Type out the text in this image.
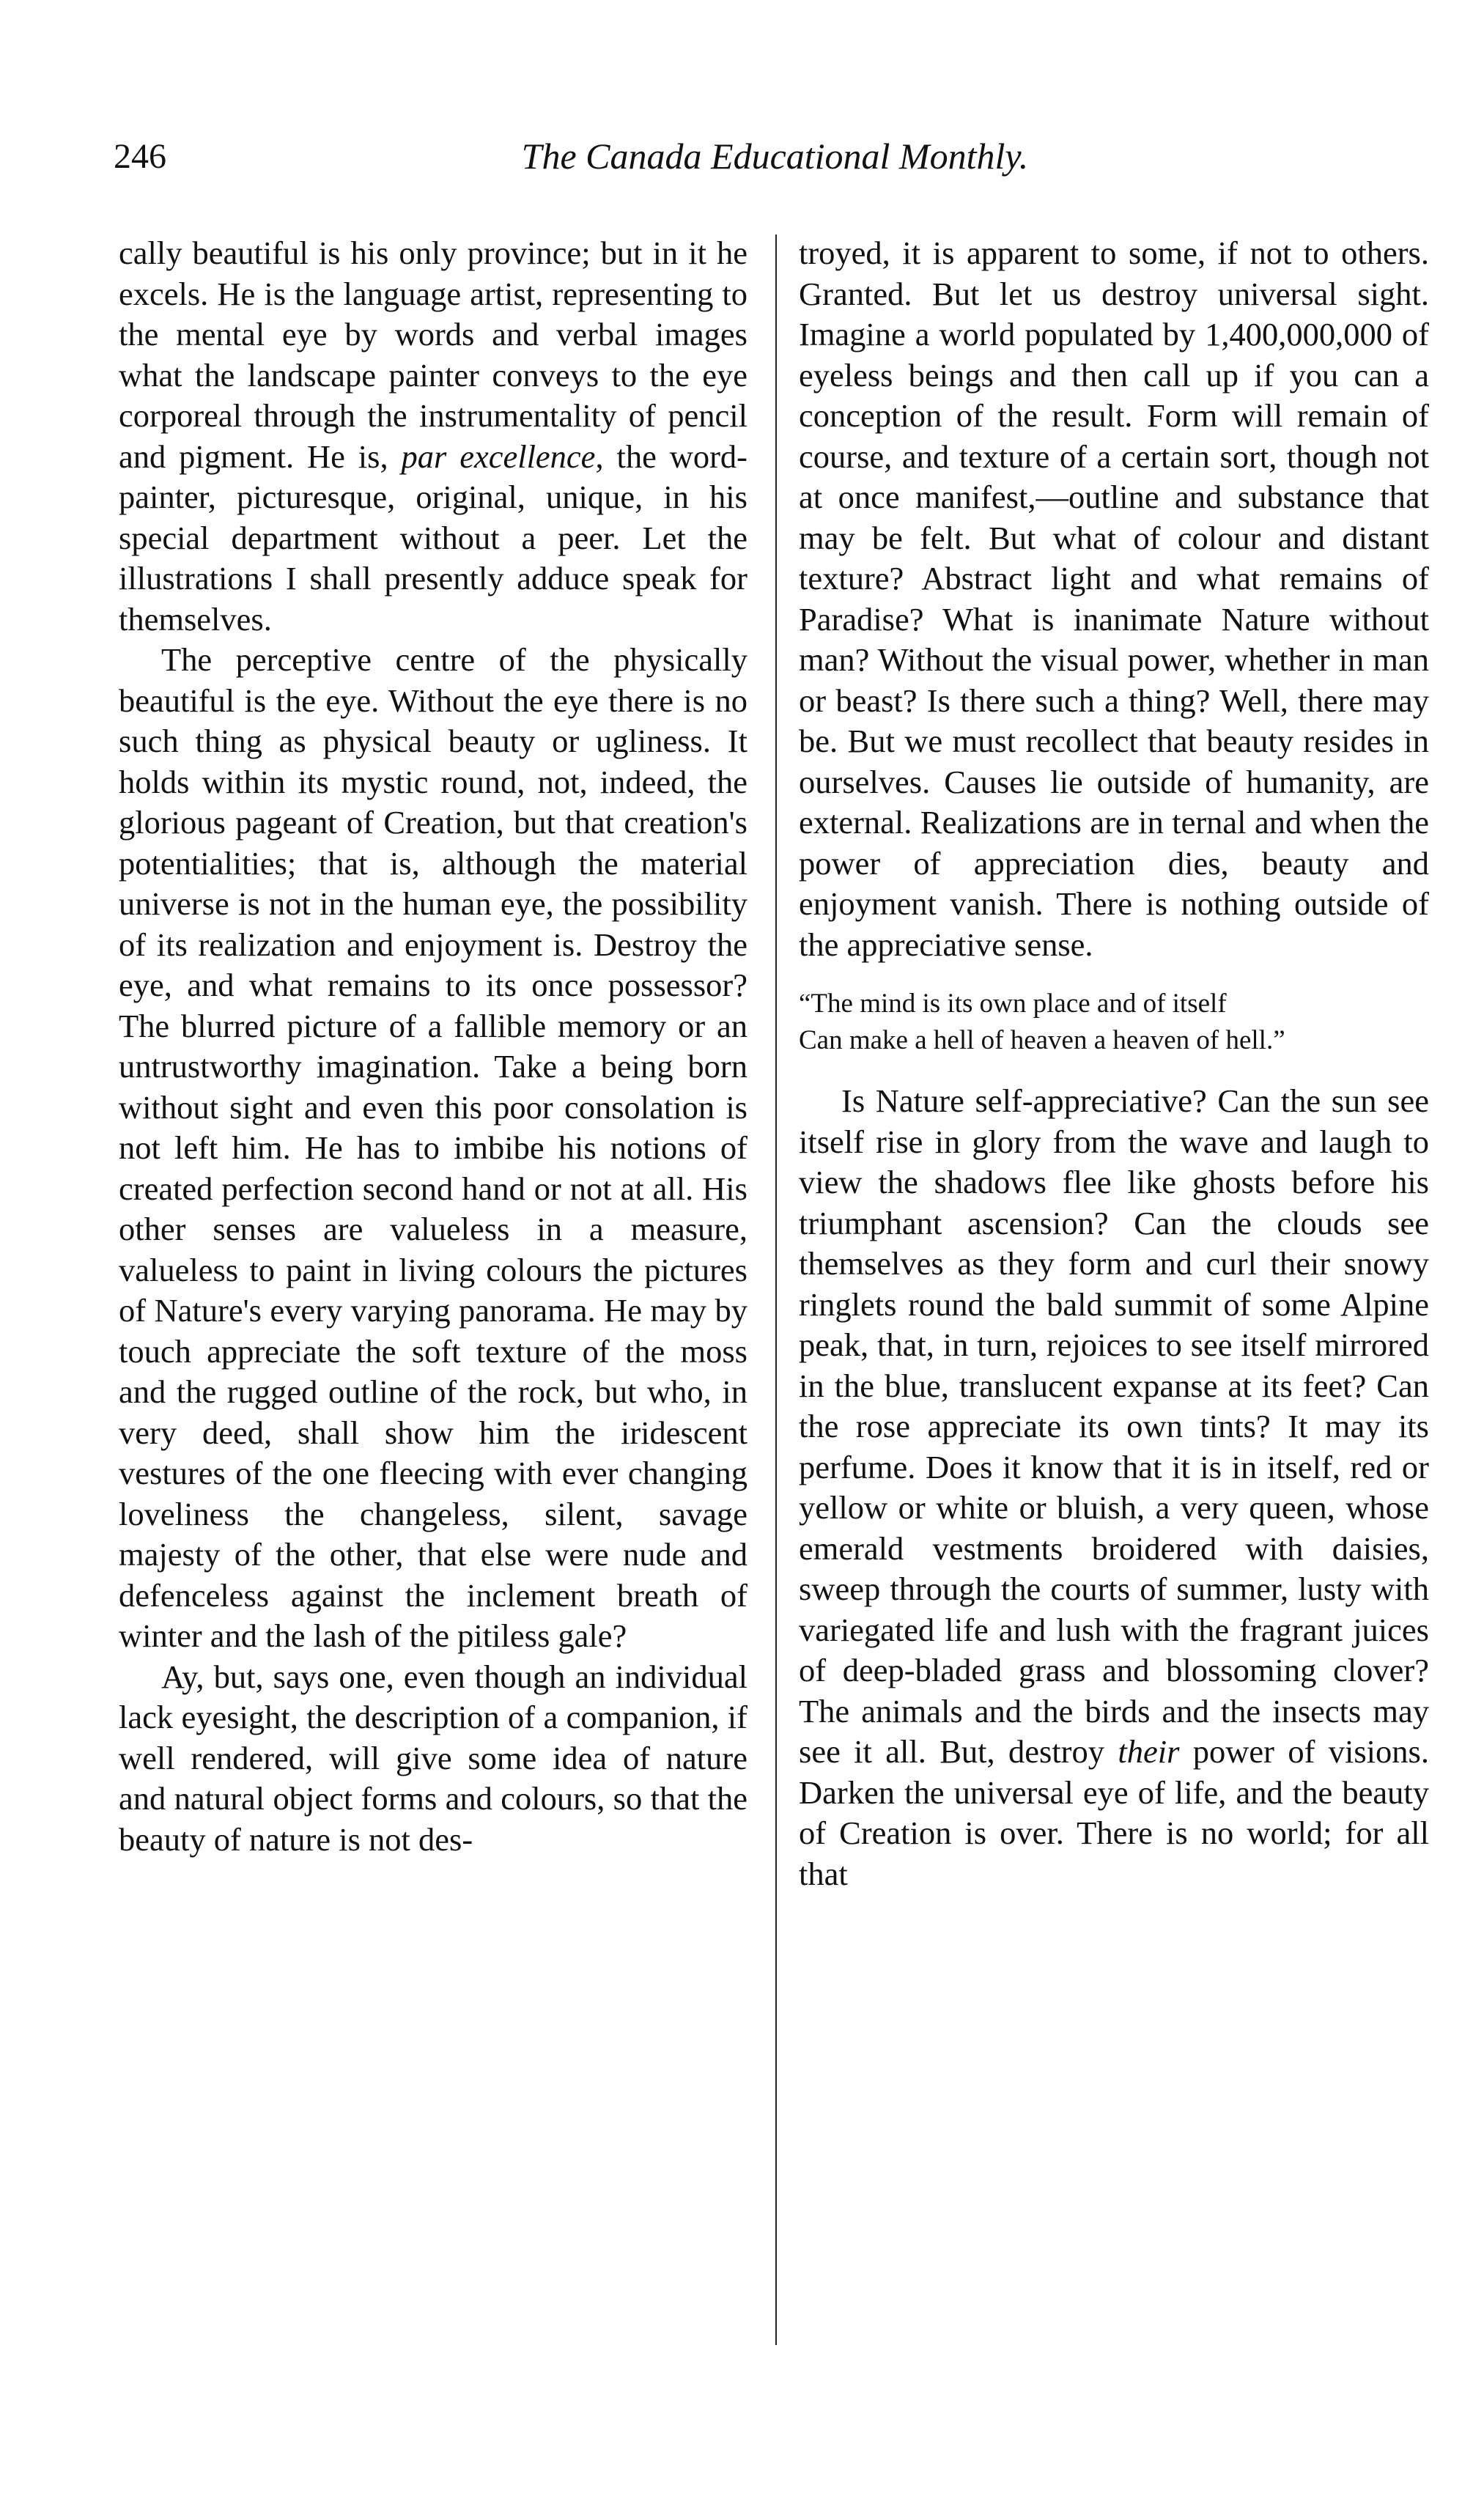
246	The Canada Educational Monthly.

cally beautiful is his only province; but in it he excels. He is the language artist, representing to the mental eye by words and verbal images what the landscape painter conveys to the eye corporeal through the instrumentality of pencil and pigment. He is, par excellence, the word-painter, picturesque, original, unique, in his special department without a peer. Let the illustrations I shall presently adduce speak for themselves.

The perceptive centre of the physically beautiful is the eye. Without the eye there is no such thing as physical beauty or ugliness. It holds within its mystic round, not, indeed, the glorious pageant of Creation, but that creation's potentialities; that is, although the material universe is not in the human eye, the possibility of its realization and enjoyment is. Destroy the eye, and what remains to its once possessor? The blurred picture of a fallible memory or an untrustworthy imagination. Take a being born without sight and even this poor consolation is not left him. He has to imbibe his notions of created perfection second hand or not at all. His other senses are valueless in a measure, valueless to paint in living colours the pictures of Nature's every varying panorama. He may by touch appreciate the soft texture of the moss and the rugged outline of the rock, but who, in very deed, shall show him the iridescent vestures of the one fleecing with ever changing loveliness the changeless, silent, savage majesty of the other, that else were nude and defenceless against the inclement breath of winter and the lash of the pitiless gale?

Ay, but, says one, even though an individual lack eyesight, the description of a companion, if well rendered, will give some idea of nature and natural object forms and colours, so that the beauty of nature is not des-

troyed, it is apparent to some, if not to others. Granted. But let us destroy universal sight. Imagine a world populated by 1,400,000,000 of eyeless beings and then call up if you can a conception of the result. Form will remain of course, and texture of a certain sort, though not at once manifest,—outline and substance that may be felt. But what of colour and distant texture? Abstract light and what remains of Paradise? What is inanimate Nature without man? Without the visual power, whether in man or beast? Is there such a thing? Well, there may be. But we must recollect that beauty resides in ourselves. Causes lie outside of humanity, are external. Realizations are in ternal and when the power of appreciation dies, beauty and enjoyment vanish. There is nothing outside of the appreciative sense.

“The mind is its own place and of itself
Can make a hell of heaven a heaven of hell.”

Is Nature self-appreciative? Can the sun see itself rise in glory from the wave and laugh to view the shadows flee like ghosts before his triumphant ascension? Can the clouds see themselves as they form and curl their snowy ringlets round the bald summit of some Alpine peak, that, in turn, rejoices to see itself mirrored in the blue, translucent expanse at its feet? Can the rose appreciate its own tints? It may its perfume. Does it know that it is in itself, red or yellow or white or bluish, a very queen, whose emerald vestments broidered with daisies, sweep through the courts of summer, lusty with variegated life and lush with the fragrant juices of deep-bladed grass and blossoming clover? The animals and the birds and the insects may see it all. But, destroy their power of visions. Darken the universal eye of life, and the beauty of Creation is over. There is no world; for all that
